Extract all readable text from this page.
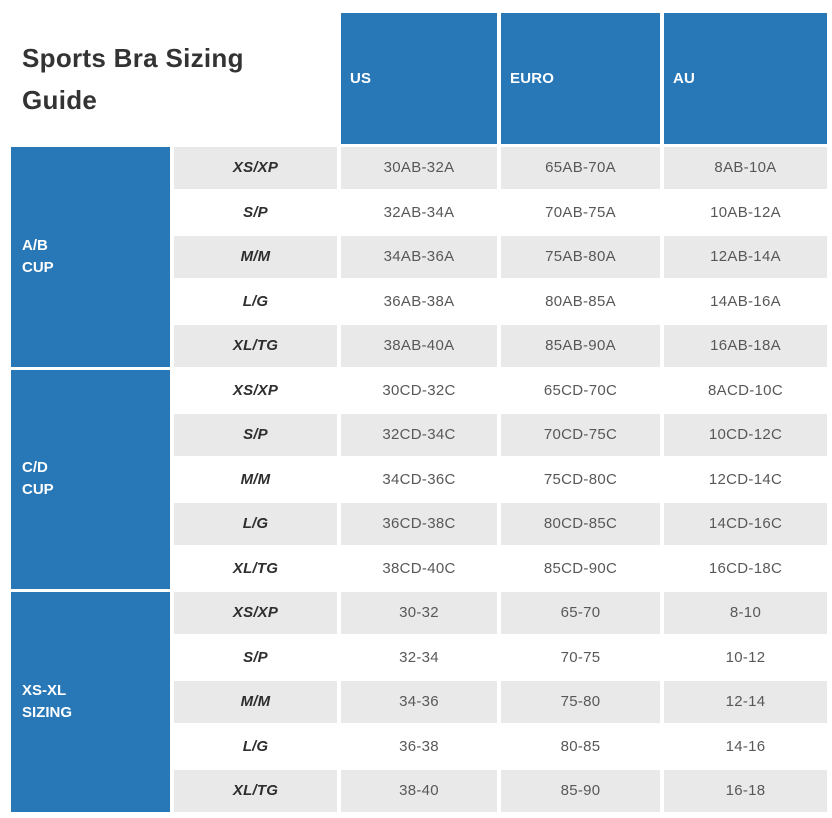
Sports Bra Sizing Guide		US	EURO	AU

A/B
CUP	XS/XP	30AB-32A	65AB-70A	8AB-10A
	S/P	32AB-34A	70AB-75A	10AB-12A
	M/M	34AB-36A	75AB-80A	12AB-14A
	L/G	36AB-38A	80AB-85A	14AB-16A
	XL/TG	38AB-40A	85AB-90A	16AB-18A

C/D
CUP	XS/XP	30CD-32C	65CD-70C	8ACD-10C
	S/P	32CD-34C	70CD-75C	10CD-12C
	M/M	34CD-36C	75CD-80C	12CD-14C
	L/G	36CD-38C	80CD-85C	14CD-16C
	XL/TG	38CD-40C	85CD-90C	16CD-18C

XS-XL
SIZING	XS/XP	30-32	65-70	8-10
	S/P	32-34	70-75	10-12
	M/M	34-36	75-80	12-14
	L/G	36-38	80-85	14-16
	XL/TG	38-40	85-90	16-18
